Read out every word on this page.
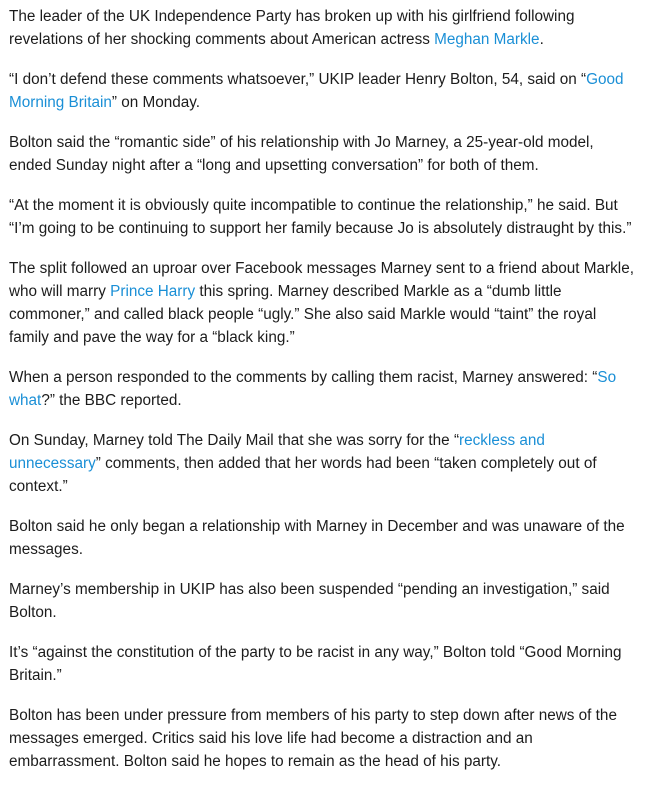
The leader of the UK Independence Party has broken up with his girlfriend following revelations of her shocking comments about American actress Meghan Markle.

“I don’t defend these comments whatsoever,” UKIP leader Henry Bolton, 54, said on “Good Morning Britain” on Monday.

Bolton said the “romantic side” of his relationship with Jo Marney, a 25-year-old model, ended Sunday night after a “long and upsetting conversation” for both of them.

“At the moment it is obviously quite incompatible to continue the relationship,” he said. But “I’m going to be continuing to support her family because Jo is absolutely distraught by this.”

The split followed an uproar over Facebook messages Marney sent to a friend about Markle, who will marry Prince Harry this spring. Marney described Markle as a “dumb little commoner,” and called black people “ugly.” She also said Markle would “taint” the royal family and pave the way for a “black king.”

When a person responded to the comments by calling them racist, Marney answered: “So what?” the BBC reported.

On Sunday, Marney told The Daily Mail that she was sorry for the “reckless and unnecessary” comments, then added that her words had been “taken completely out of context.”

Bolton said he only began a relationship with Marney in December and was unaware of the messages.

Marney’s membership in UKIP has also been suspended “pending an investigation,” said Bolton.

It’s “against the constitution of the party to be racist in any way,” Bolton told “Good Morning Britain.”

Bolton has been under pressure from members of his party to step down after news of the messages emerged. Critics said his love life had become a distraction and an embarrassment. Bolton said he hopes to remain as the head of his party.
